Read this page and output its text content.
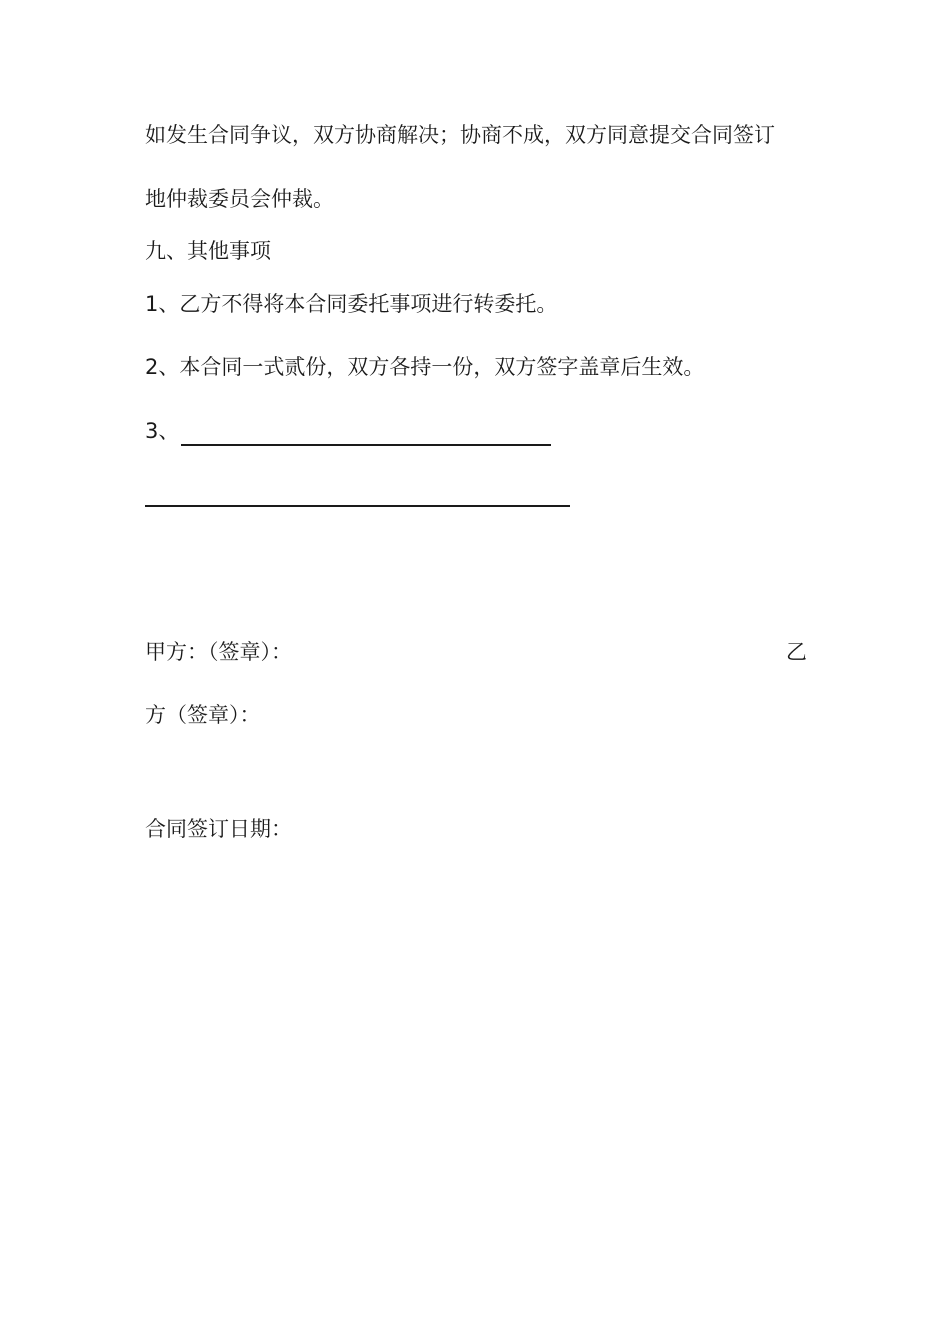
如发生合同争议，双方协商解决；协商不成，双方同意提交合同签订
地仲裁委员会仲裁。
九、其他事项
1、乙方不得将本合同委托事项进行转委托。
2、本合同一式贰份，双方各持一份，双方签字盖章后生效。
3、
甲方：（签章）：	乙
方（签章）：
合同签订日期：
